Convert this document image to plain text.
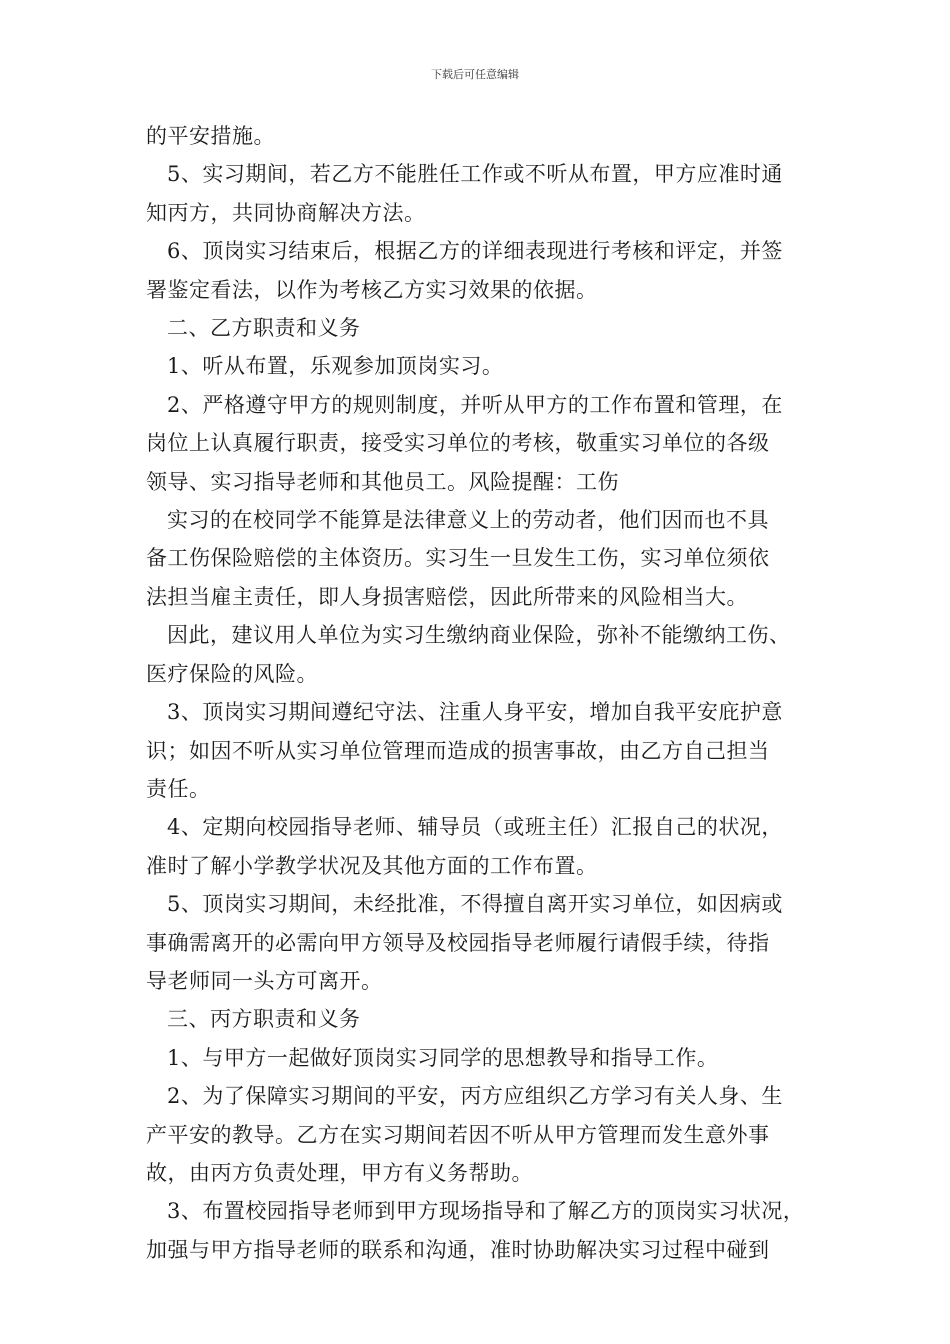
下载后可任意编辑

的平安措施。

5、实习期间，若乙方不能胜任工作或不听从布置，甲方应准时通

知丙方，共同协商解决方法。

6、顶岗实习结束后，根据乙方的详细表现进行考核和评定，并签

署鉴定看法，以作为考核乙方实习效果的依据。

二、乙方职责和义务

1、听从布置，乐观参加顶岗实习。

2、严格遵守甲方的规则制度，并听从甲方的工作布置和管理，在

岗位上认真履行职责，接受实习单位的考核，敬重实习单位的各级

领导、实习指导老师和其他员工。风险提醒：工伤

实习的在校同学不能算是法律意义上的劳动者，他们因而也不具

备工伤保险赔偿的主体资历。实习生一旦发生工伤，实习单位须依

法担当雇主责任，即人身损害赔偿，因此所带来的风险相当大。

因此，建议用人单位为实习生缴纳商业保险，弥补不能缴纳工伤、

医疗保险的风险。

3、顶岗实习期间遵纪守法、注重人身平安，增加自我平安庇护意

识；如因不听从实习单位管理而造成的损害事故，由乙方自己担当

责任。

4、定期向校园指导老师、辅导员（或班主任）汇报自己的状况，

准时了解小学教学状况及其他方面的工作布置。

5、顶岗实习期间，未经批准，不得擅自离开实习单位，如因病或

事确需离开的必需向甲方领导及校园指导老师履行请假手续，待指

导老师同一头方可离开。

三、丙方职责和义务

1、与甲方一起做好顶岗实习同学的思想教导和指导工作。

2、为了保障实习期间的平安，丙方应组织乙方学习有关人身、生

产平安的教导。乙方在实习期间若因不听从甲方管理而发生意外事

故，由丙方负责处理，甲方有义务帮助。

3、布置校园指导老师到甲方现场指导和了解乙方的顶岗实习状况，

加强与甲方指导老师的联系和沟通，准时协助解决实习过程中碰到
